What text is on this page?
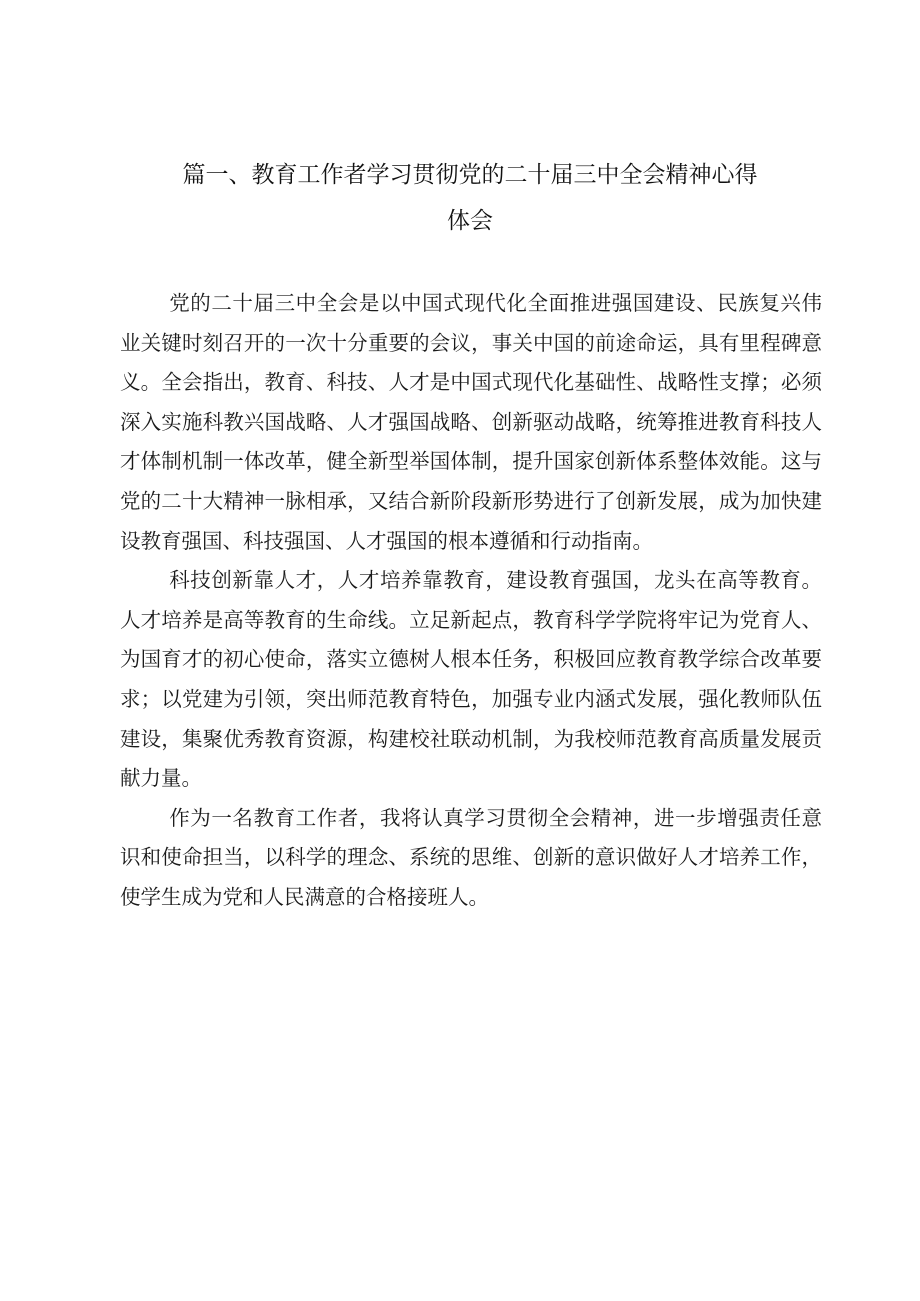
篇一、教育工作者学习贯彻党的二十届三中全会精神心得
体会

党的二十届三中全会是以中国式现代化全面推进强国建设、民族复兴伟业关键时刻召开的一次十分重要的会议，事关中国的前途命运，具有里程碑意义。全会指出，教育、科技、人才是中国式现代化基础性、战略性支撑；必须深入实施科教兴国战略、人才强国战略、创新驱动战略，统筹推进教育科技人才体制机制一体改革，健全新型举国体制，提升国家创新体系整体效能。这与党的二十大精神一脉相承，又结合新阶段新形势进行了创新发展，成为加快建设教育强国、科技强国、人才强国的根本遵循和行动指南。

科技创新靠人才，人才培养靠教育，建设教育强国，龙头在高等教育。人才培养是高等教育的生命线。立足新起点，教育科学学院将牢记为党育人、为国育才的初心使命，落实立德树人根本任务，积极回应教育教学综合改革要求；以党建为引领，突出师范教育特色，加强专业内涵式发展，强化教师队伍建设，集聚优秀教育资源，构建校社联动机制，为我校师范教育高质量发展贡献力量。

作为一名教育工作者，我将认真学习贯彻全会精神，进一步增强责任意识和使命担当，以科学的理念、系统的思维、创新的意识做好人才培养工作，使学生成为党和人民满意的合格接班人。
